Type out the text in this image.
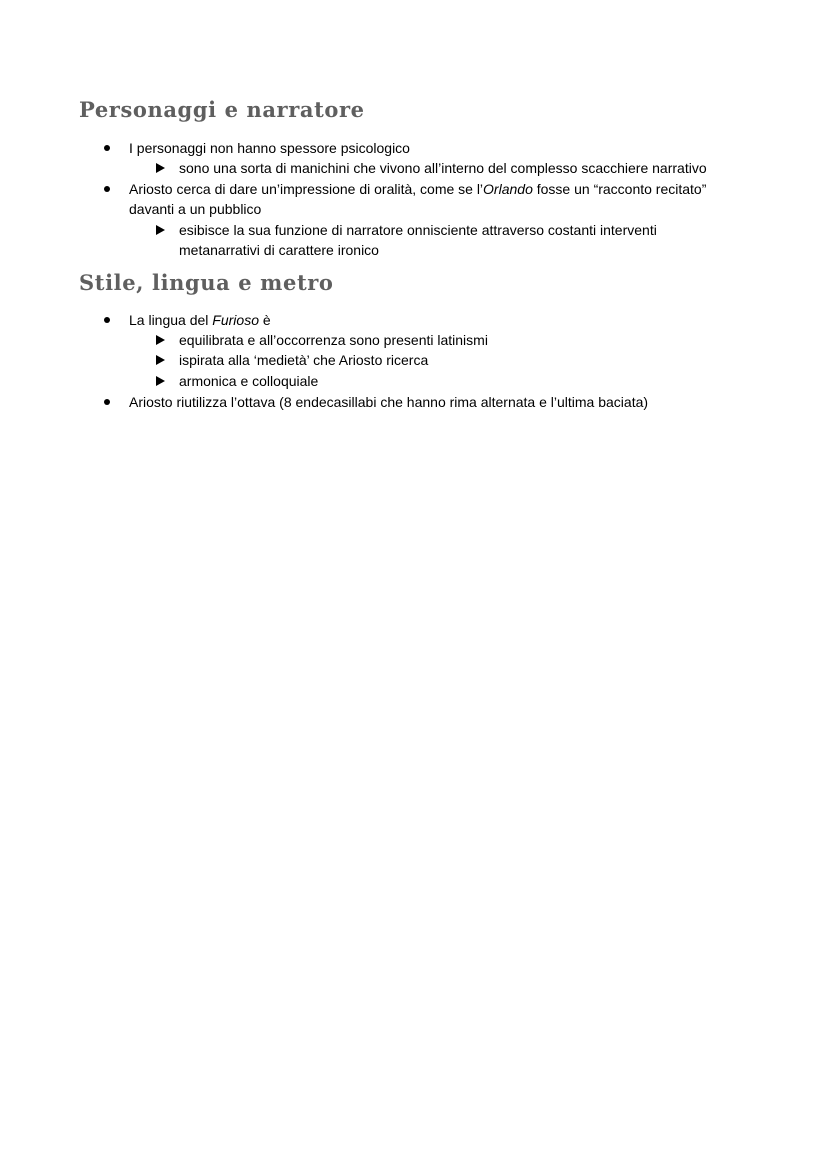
Personaggi e narratore
I personaggi non hanno spessore psicologico
sono una sorta di manichini che vivono all’interno del complesso scacchiere narrativo
Ariosto cerca di dare un’impressione di oralità, come se l’Orlando fosse un “racconto recitato”
davanti a un pubblico
esibisce la sua funzione di narratore onnisciente attraverso costanti interventi
metanarrativi di carattere ironico
Stile, lingua e metro
La lingua del Furioso è
equilibrata e all’occorrenza sono presenti latinismi
ispirata alla ‘medietà’ che Ariosto ricerca
armonica e colloquiale
Ariosto riutilizza l’ottava (8 endecasillabi che hanno rima alternata e l’ultima baciata)
